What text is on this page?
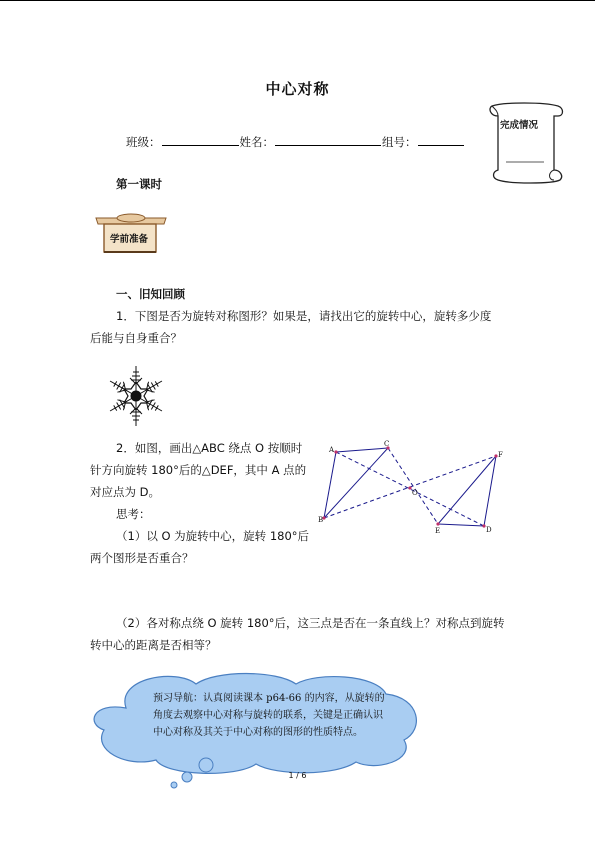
中心对称
班级：	姓名：	组号：
完成情况
第一课时
学前准备
一、旧知回顾
1．下图是否为旋转对称图形？如果是，请找出它的旋转中心，旋转多少度
后能与自身重合？
2．如图，画出△ABC 绕点 O 按顺时
针方向旋转 180°后的△DEF，其中 A 点的
对应点为 D。
思考：
（1）以 O 为旋转中心，旋转 180°后
两个图形是否重合？
A
C
F
O
B
E	D
（2）各对称点绕 O 旋转 180°后，这三点是否在一条直线上？对称点到旋转
转中心的距离是否相等？
预习导航：认真阅读课本 p64-66 的内容，从旋转的
角度去观察中心对称与旋转的联系，关键是正确认识
中心对称及其关于中心对称的图形的性质特点。
1 / 6
